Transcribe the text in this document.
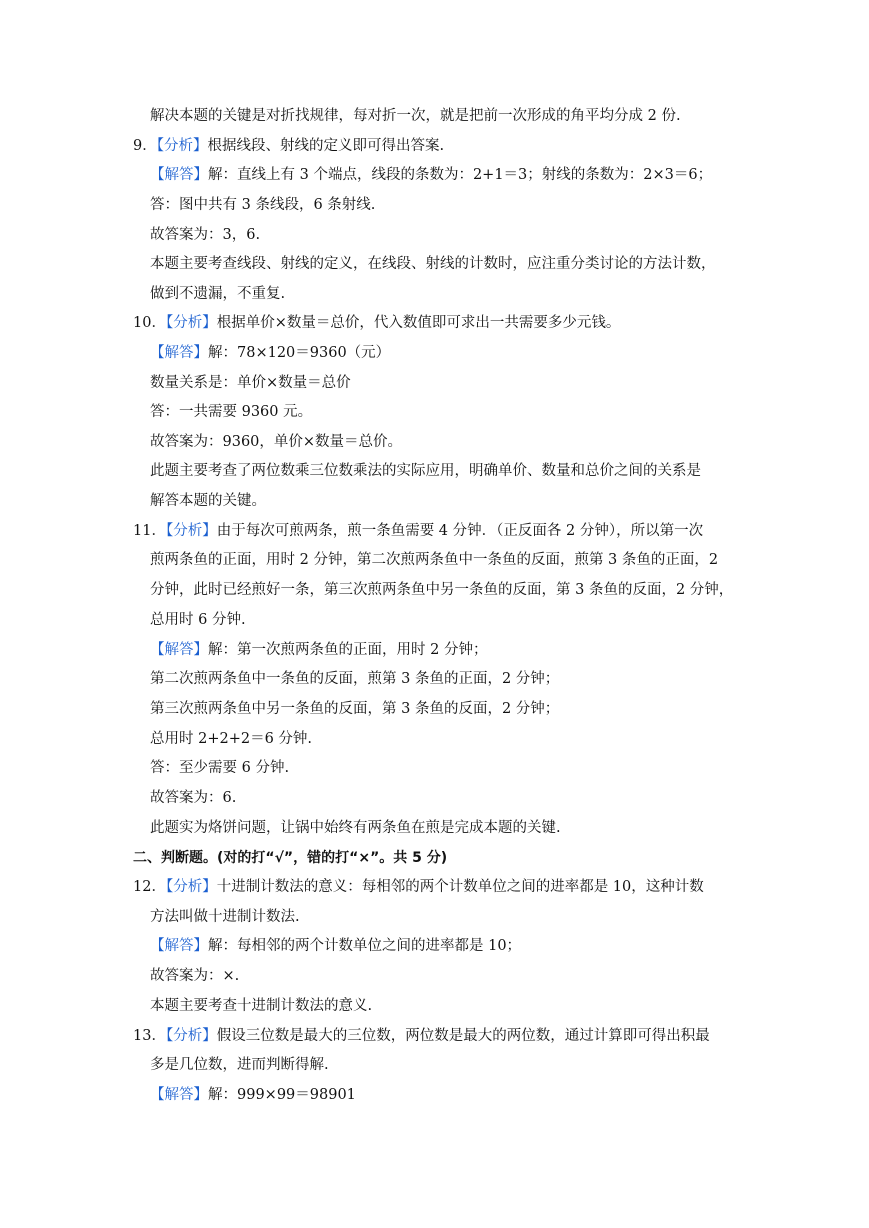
解决本题的关键是对折找规律，每对折一次，就是把前一次形成的角平均分成 2 份.
9．【分析】根据线段、射线的定义即可得出答案.
【解答】解：直线上有 3 个端点，线段的条数为：2+1＝3；射线的条数为：2×3＝6；
答：图中共有 3 条线段，6 条射线.
故答案为：3，6.
本题主要考查线段、射线的定义，在线段、射线的计数时，应注重分类讨论的方法计数，
做到不遗漏，不重复.
10．【分析】根据单价×数量＝总价，代入数值即可求出一共需要多少元钱。
【解答】解：78×120＝9360（元）
数量关系是：单价×数量＝总价
答：一共需要 9360 元。
故答案为：9360，单价×数量＝总价。
此题主要考查了两位数乘三位数乘法的实际应用，明确单价、数量和总价之间的关系是
解答本题的关键。
11．【分析】由于每次可煎两条，煎一条鱼需要 4 分钟．（正反面各 2 分钟），所以第一次
煎两条鱼的正面，用时 2 分钟，第二次煎两条鱼中一条鱼的反面，煎第 3 条鱼的正面，2
分钟，此时已经煎好一条，第三次煎两条鱼中另一条鱼的反面，第 3 条鱼的反面，2 分钟，
总用时 6 分钟.
【解答】解：第一次煎两条鱼的正面，用时 2 分钟；
第二次煎两条鱼中一条鱼的反面，煎第 3 条鱼的正面，2 分钟；
第三次煎两条鱼中另一条鱼的反面，第 3 条鱼的反面，2 分钟；
总用时 2+2+2＝6 分钟.
答：至少需要 6 分钟.
故答案为：6.
此题实为烙饼问题，让锅中始终有两条鱼在煎是完成本题的关键.
二、判断题。(对的打“√”，错的打“×”。共 5 分)
12．【分析】十进制计数法的意义：每相邻的两个计数单位之间的进率都是 10，这种计数
方法叫做十进制计数法.
【解答】解：每相邻的两个计数单位之间的进率都是 10；
故答案为：×.
本题主要考查十进制计数法的意义.
13．【分析】假设三位数是最大的三位数，两位数是最大的两位数，通过计算即可得出积最
多是几位数，进而判断得解.
【解答】解：999×99＝98901
